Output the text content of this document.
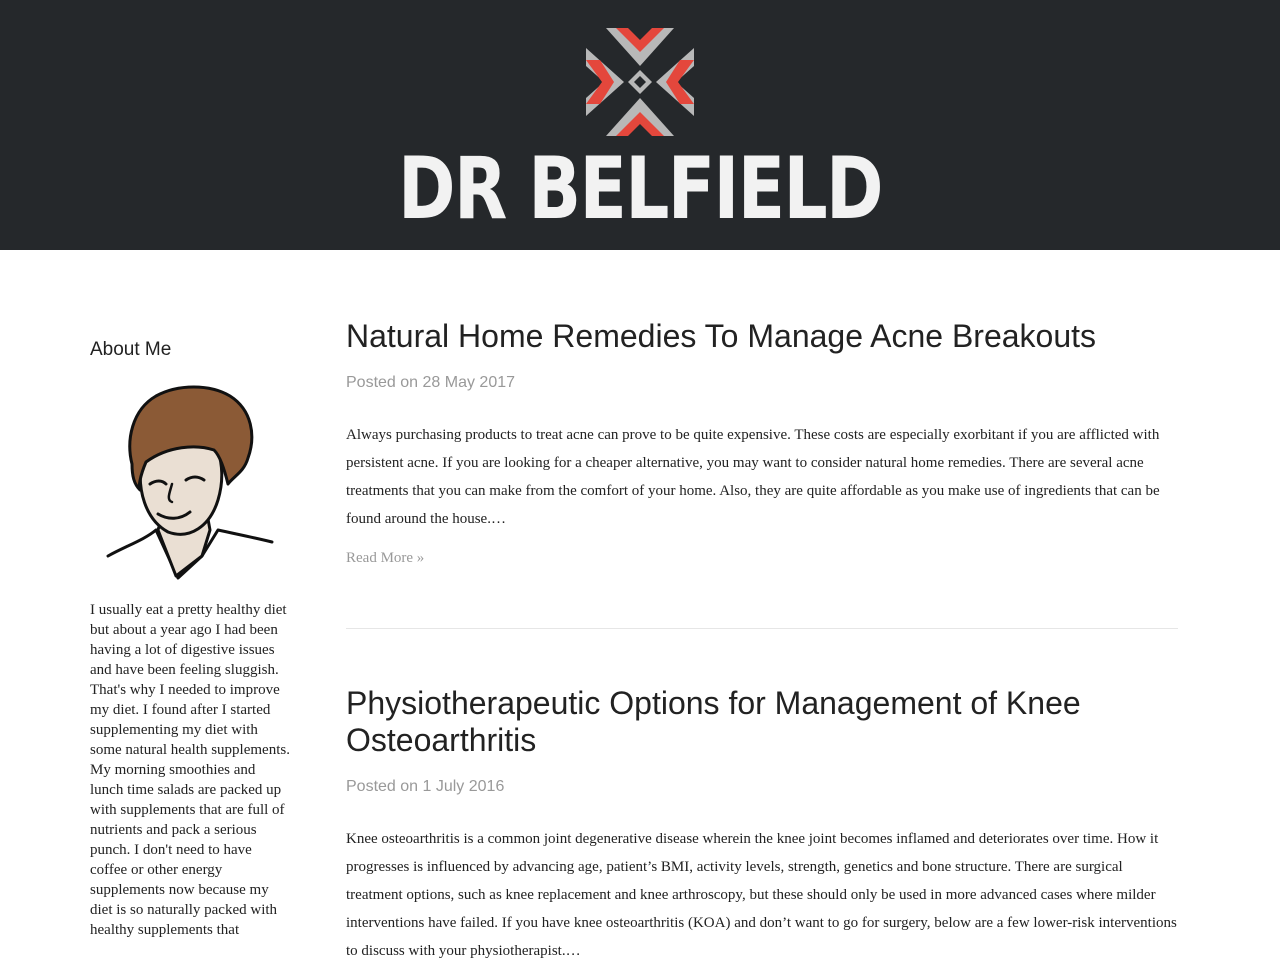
DR BELFIELD
About Me

I usually eat a pretty healthy diet but about a year ago I had been having a lot of digestive issues and have been feeling sluggish. That's why I needed to improve my diet. I found after I started supplementing my diet with some natural health supplements. My morning smoothies and lunch time salads are packed up with supplements that are full of nutrients and pack a serious punch. I don't need to have coffee or other energy supplements now because my diet is so naturally packed with healthy supplements that

Natural Home Remedies To Manage Acne Breakouts
Posted on 28 May 2017

Always purchasing products to treat acne can prove to be quite expensive. These costs are especially exorbitant if you are afflicted with persistent acne. If you are looking for a cheaper alternative, you may want to consider natural home remedies. There are several acne treatments that you can make from the comfort of your home. Also, they are quite affordable as you make use of ingredients that can be found around the house.…

Read More »
Physiotherapeutic Options for Management of Knee Osteoarthritis
Posted on 1 July 2016

Knee osteoarthritis is a common joint degenerative disease wherein the knee joint becomes inflamed and deteriorates over time. How it progresses is influenced by advancing age, patient’s BMI, activity levels, strength, genetics and bone structure. There are surgical treatment options, such as knee replacement and knee arthroscopy, but these should only be used in more advanced cases where milder interventions have failed. If you have knee osteoarthritis (KOA) and don’t want to go for surgery, below are a few lower-risk interventions to discuss with your physiotherapist.…
